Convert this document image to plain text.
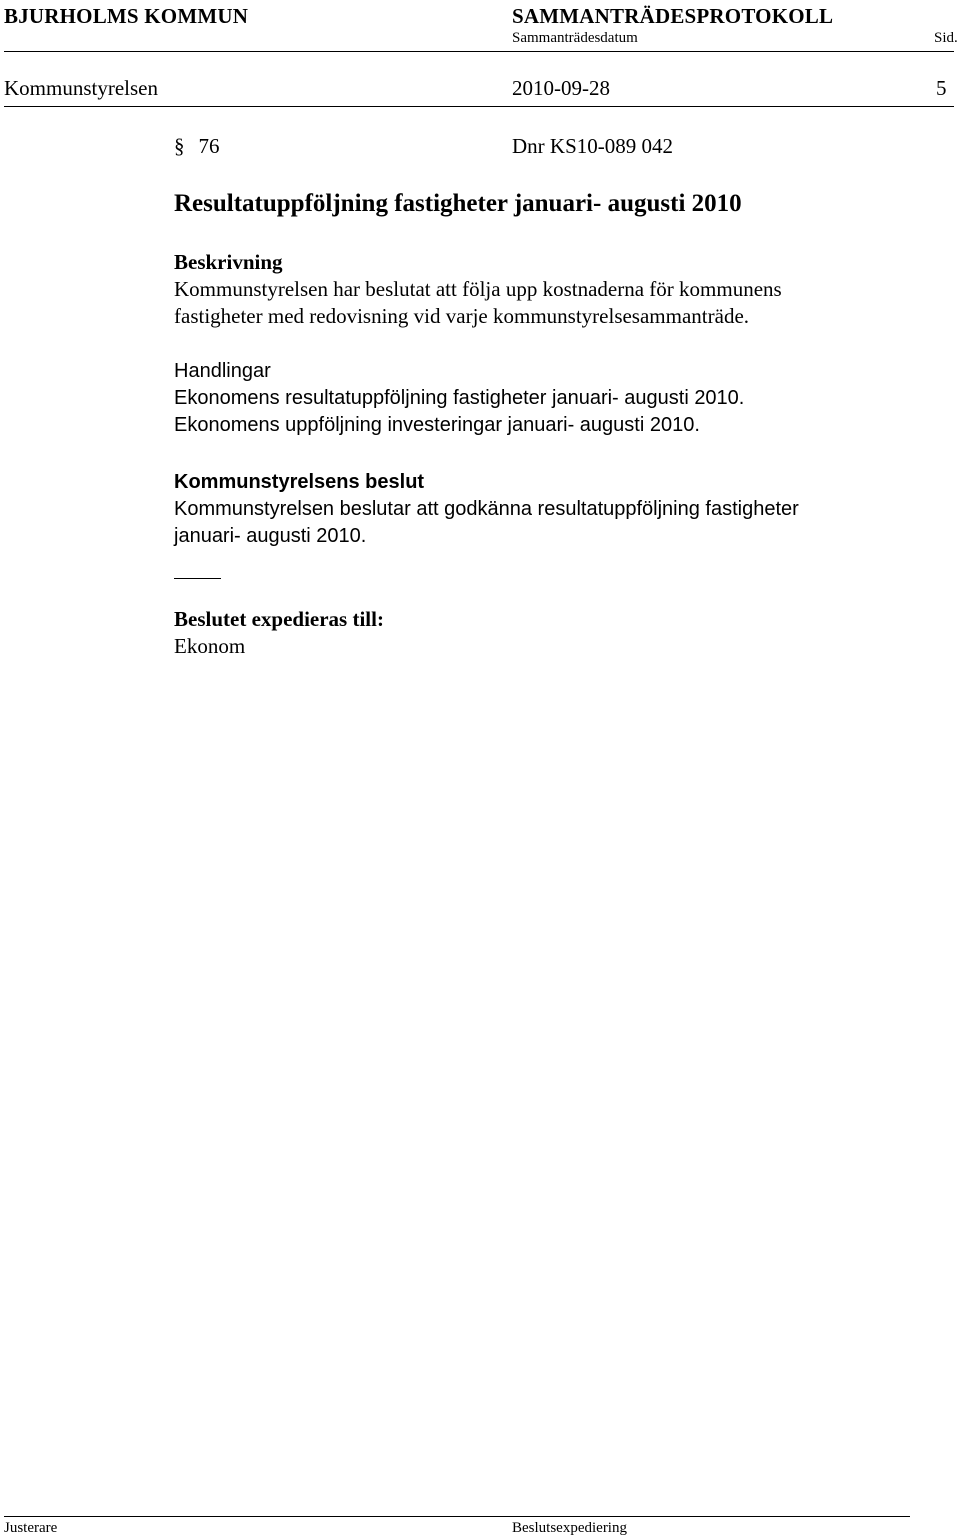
BJURHOLMS KOMMUN	SAMMANTRÄDESPROTOKOLL
Sammanträdesdatum	Sid.
Kommunstyrelsen	2010-09-28	5
§ 76	Dnr KS10-089 042
Resultatuppföljning fastigheter januari- augusti 2010
Beskrivning
Kommunstyrelsen har beslutat att följa upp kostnaderna för kommunens
fastigheter med redovisning vid varje kommunstyrelsesammanträde.
Handlingar
Ekonomens resultatuppföljning fastigheter januari- augusti 2010.
Ekonomens uppföljning investeringar januari- augusti 2010.
Kommunstyrelsens beslut
Kommunstyrelsen beslutar att godkänna resultatuppföljning fastigheter
januari- augusti 2010.
Beslutet expedieras till:
Ekonom
Justerare	Beslutsexpediering
